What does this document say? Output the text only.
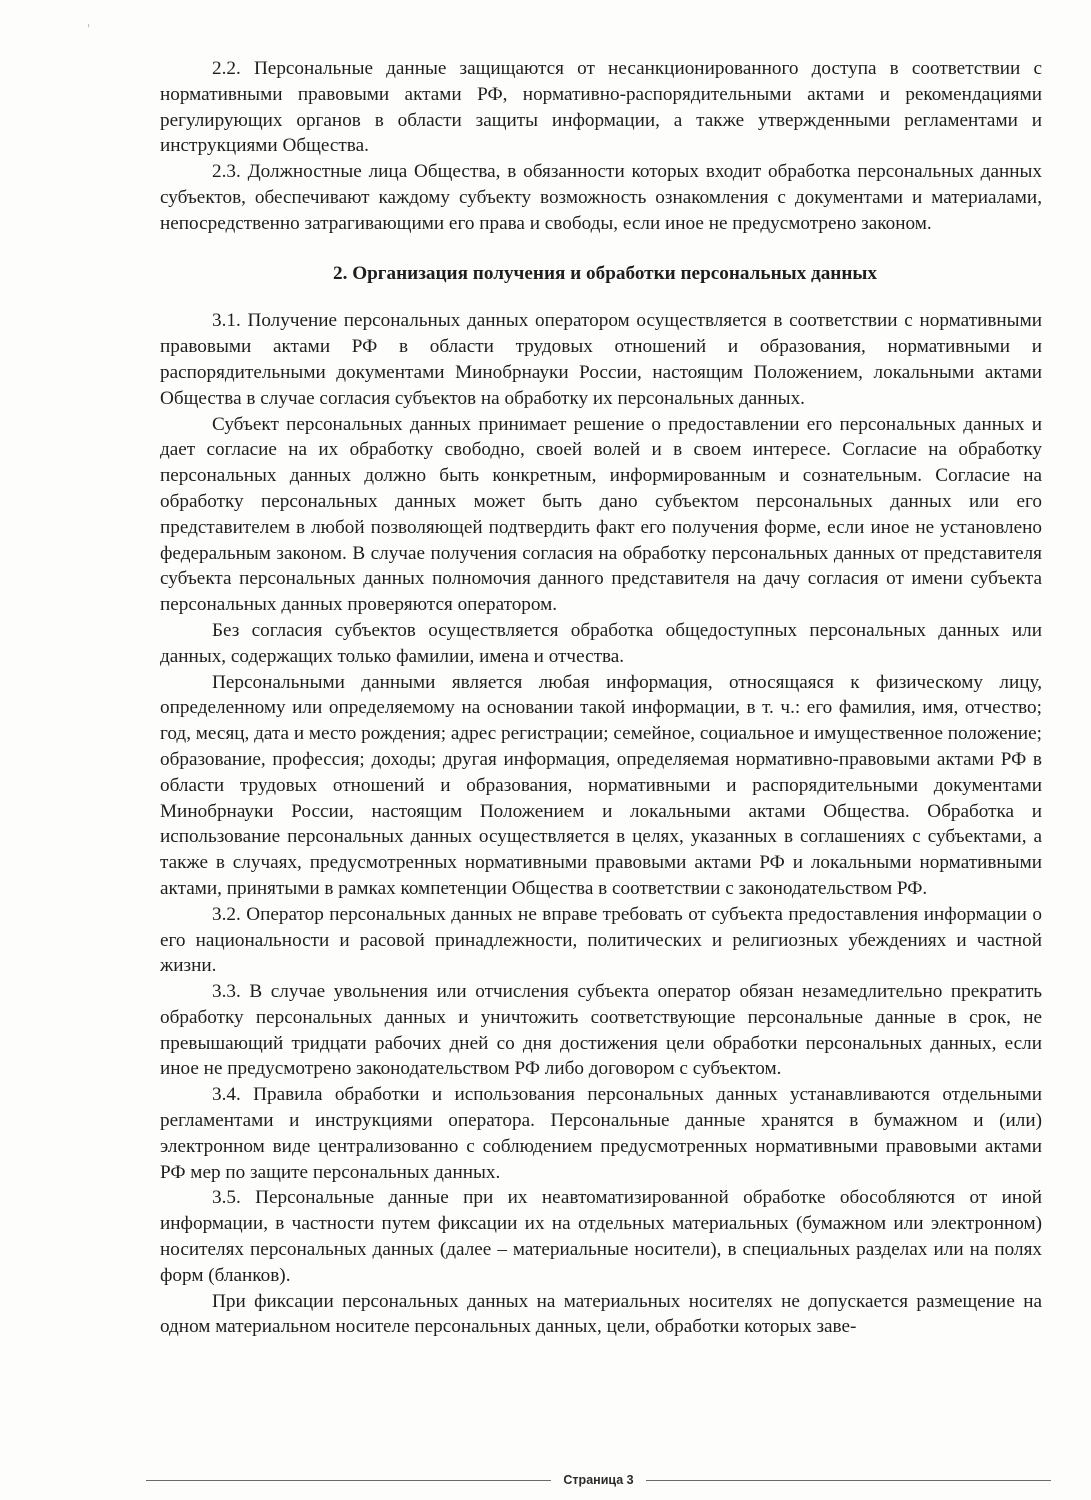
ⸯ

2.2. Персональные данные защищаются от несанкционированного доступа в соответствии с нормативными правовыми актами РФ, нормативно-распорядительными актами и рекомендациями регулирующих органов в области защиты информации, а также утвержденными регламентами и инструкциями Общества.

2.3. Должностные лица Общества, в обязанности которых входит обработка персональных данных субъектов, обеспечивают каждому субъекту возможность ознакомления с документами и материалами, непосредственно затрагивающими его права и свободы, если иное не предусмотрено законом.

2. Организация получения и обработки персональных данных

3.1. Получение персональных данных оператором осуществляется в соответствии с нормативными правовыми актами РФ в области трудовых отношений и образования, нормативными и распорядительными документами Минобрнауки России, настоящим Положением, локальными актами Общества в случае согласия субъектов на обработку их персональных данных.

Субъект персональных данных принимает решение о предоставлении его персональных данных и дает согласие на их обработку свободно, своей волей и в своем интересе. Согласие на обработку персональных данных должно быть конкретным, информированным и сознательным. Согласие на обработку персональных данных может быть дано субъектом персональных данных или его представителем в любой позволяющей подтвердить факт его получения форме, если иное не установлено федеральным законом. В случае получения согласия на обработку персональных данных от представителя субъекта персональных данных полномочия данного представителя на дачу согласия от имени субъекта персональных данных проверяются оператором.

Без согласия субъектов осуществляется обработка общедоступных персональных данных или данных, содержащих только фамилии, имена и отчества.

Персональными данными является любая информация, относящаяся к физическому лицу, определенному или определяемому на основании такой информации, в т. ч.: его фамилия, имя, отчество; год, месяц, дата и место рождения; адрес регистрации; семейное, социальное и имущественное положение; образование, профессия; доходы; другая информация, определяемая нормативно-правовыми актами РФ в области трудовых отношений и образования, нормативными и распорядительными документами Минобрнауки России, настоящим Положением и локальными актами Общества. Обработка и использование персональных данных осуществляется в целях, указанных в соглашениях с субъектами, а также в случаях, предусмотренных нормативными правовыми актами РФ и локальными нормативными актами, принятыми в рамках компетенции Общества в соответствии с законодательством РФ.

3.2. Оператор персональных данных не вправе требовать от субъекта предоставления информации о его национальности и расовой принадлежности, политических и религиозных убеждениях и частной жизни.

3.3. В случае увольнения или отчисления субъекта оператор обязан незамедлительно прекратить обработку персональных данных и уничтожить соответствующие персональные данные в срок, не превышающий тридцати рабочих дней со дня достижения цели обработки персональных данных, если иное не предусмотрено законодательством РФ либо договором с субъектом.

3.4. Правила обработки и использования персональных данных устанавливаются отдельными регламентами и инструкциями оператора. Персональные данные хранятся в бумажном и (или) электронном виде централизованно с соблюдением предусмотренных нормативными правовыми актами РФ мер по защите персональных данных.

3.5. Персональные данные при их неавтоматизированной обработке обособляются от иной информации, в частности путем фиксации их на отдельных материальных (бумажном или электронном) носителях персональных данных (далее – материальные носители), в специальных разделах или на полях форм (бланков).

При фиксации персональных данных на материальных носителях не допускается размещение на одном материальном носителе персональных данных, цели, обработки которых заве-

Страница 3
